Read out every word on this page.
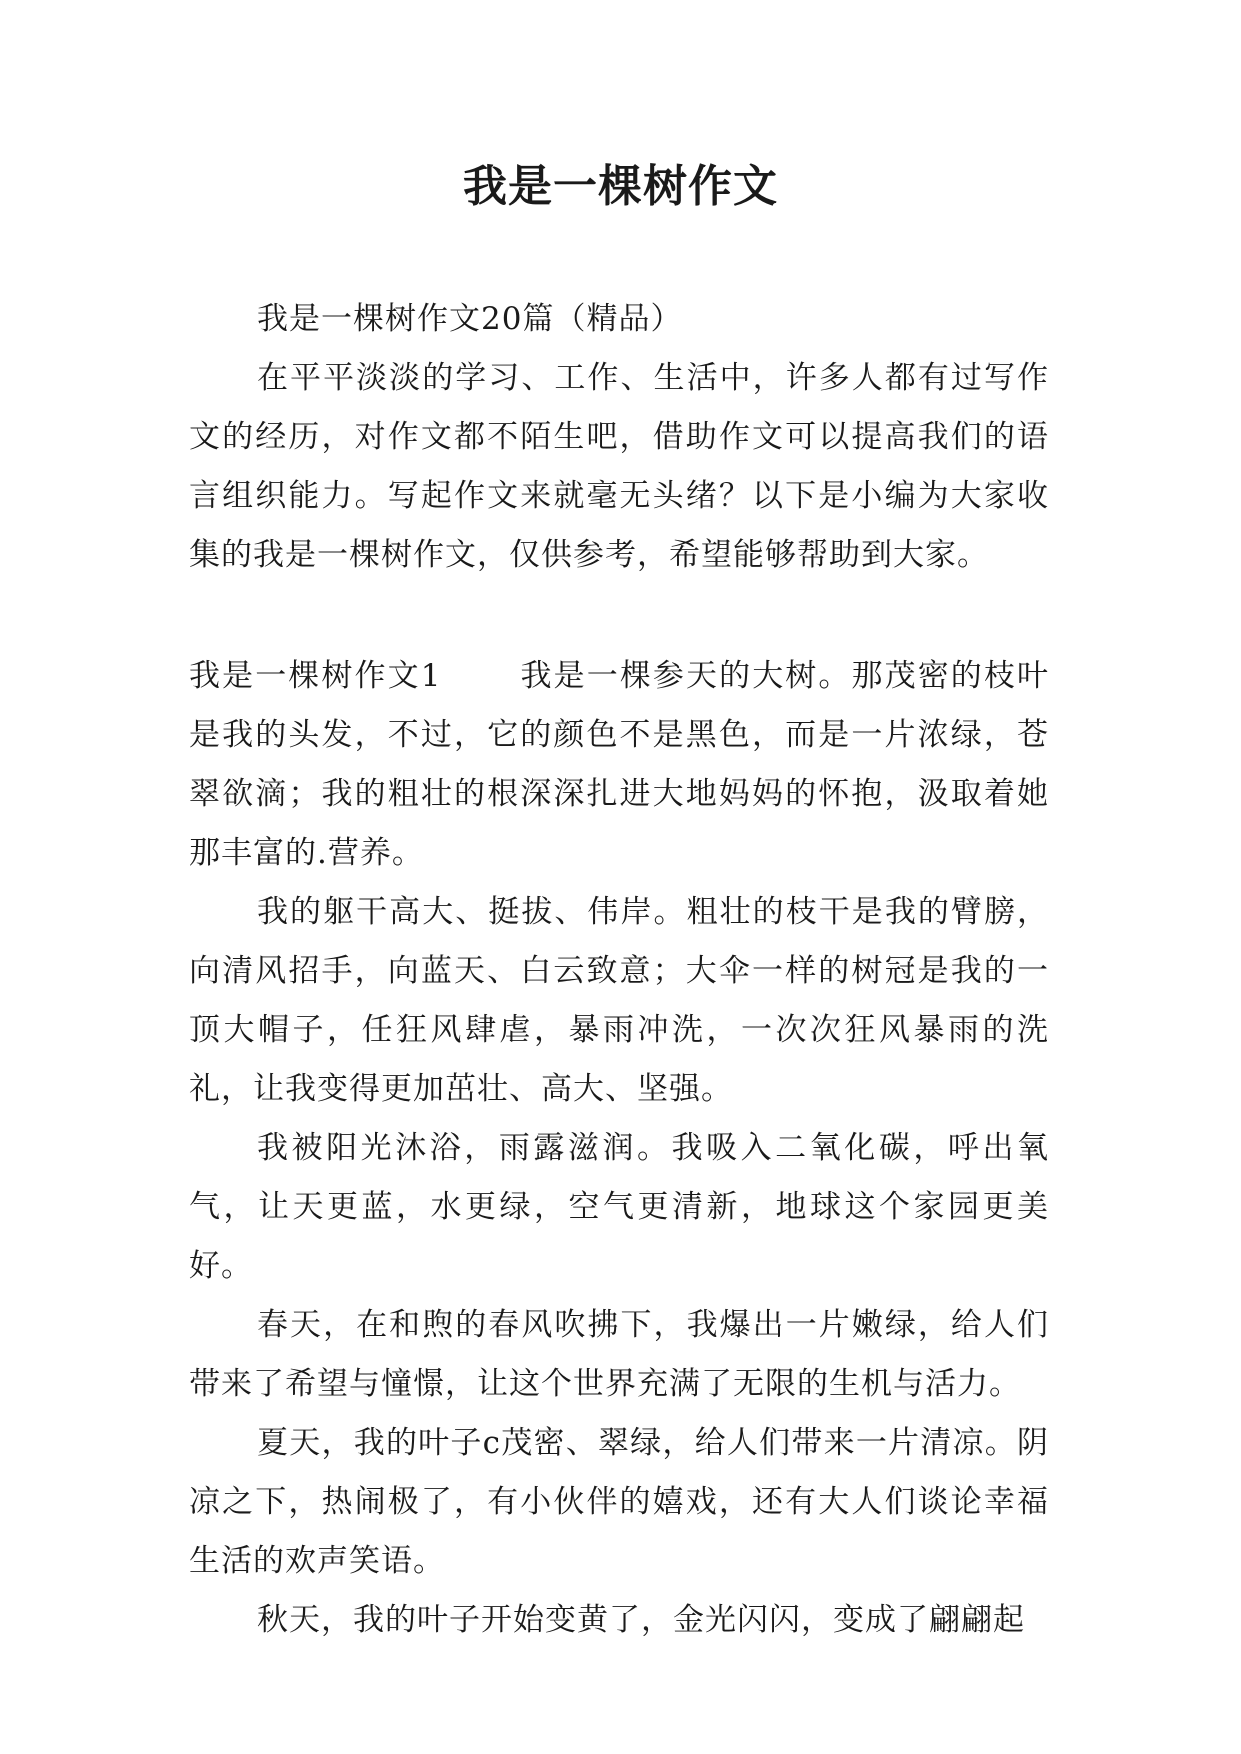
我是一棵树作文

我是一棵树作文20篇（精品）

在平平淡淡的学习、工作、生活中，许多人都有过写作文的经历，对作文都不陌生吧，借助作文可以提高我们的语言组织能力。写起作文来就毫无头绪？以下是小编为大家收集的我是一棵树作文，仅供参考，希望能够帮助到大家。

我是一棵树作文1	我是一棵参天的大树。那茂密的枝叶是我的头发，不过，它的颜色不是黑色，而是一片浓绿，苍翠欲滴；我的粗壮的根深深扎进大地妈妈的怀抱，汲取着她那丰富的.营养。

我的躯干高大、挺拔、伟岸。粗壮的枝干是我的臂膀，向清风招手，向蓝天、白云致意；大伞一样的树冠是我的一顶大帽子，任狂风肆虐，暴雨冲洗，一次次狂风暴雨的洗礼，让我变得更加茁壮、高大、坚强。

我被阳光沐浴，雨露滋润。我吸入二氧化碳，呼出氧气，让天更蓝，水更绿，空气更清新，地球这个家园更美好。

春天，在和煦的春风吹拂下，我爆出一片嫩绿，给人们带来了希望与憧憬，让这个世界充满了无限的生机与活力。

夏天，我的叶子c茂密、翠绿，给人们带来一片清凉。阴凉之下，热闹极了，有小伙伴的嬉戏，还有大人们谈论幸福生活的欢声笑语。

秋天，我的叶子开始变黄了，金光闪闪，变成了翩翩起
